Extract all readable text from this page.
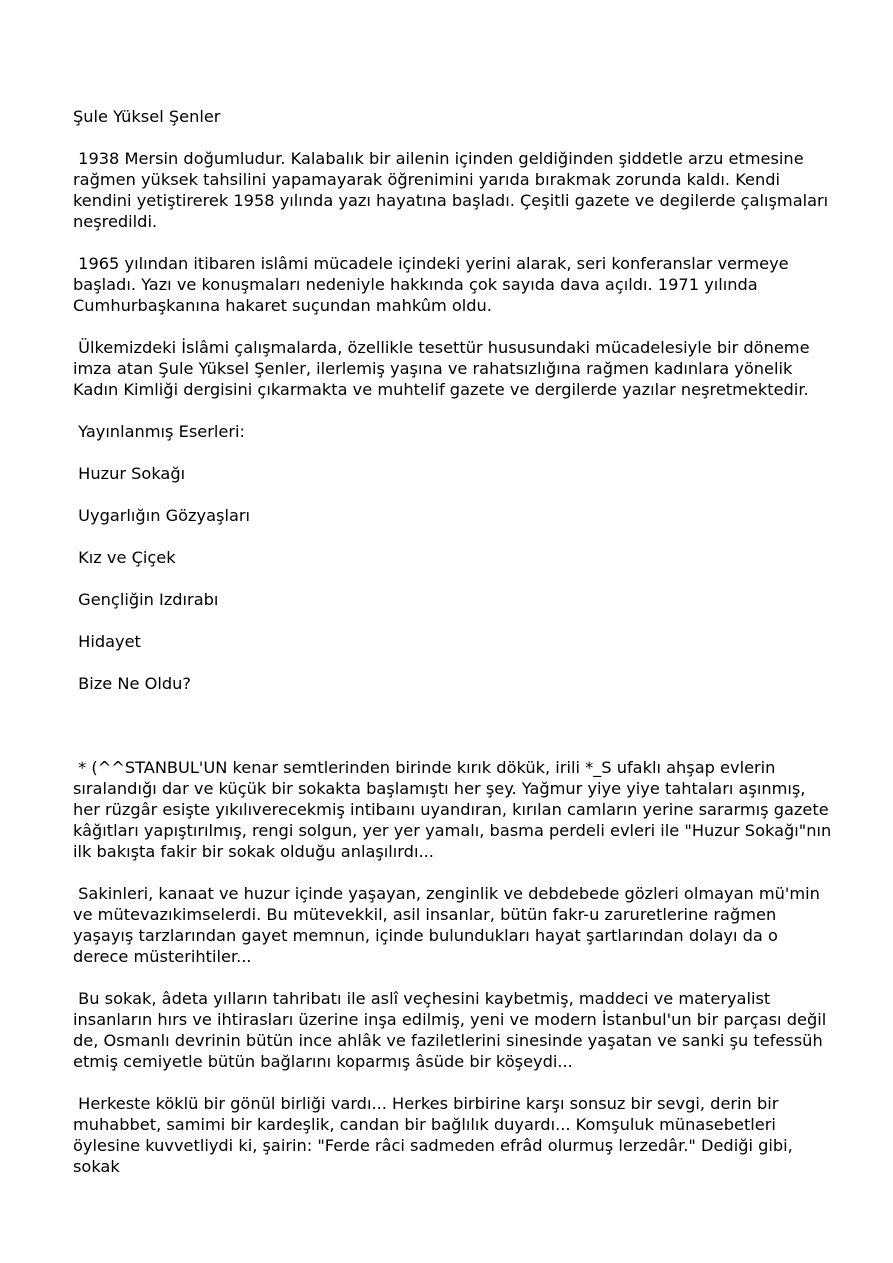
Şule Yüksel Şenler

1938 Mersin doğumludur. Kalabalık bir ailenin içinden geldiğinden şiddetle arzu etmesine rağmen yüksek tahsilini yapamayarak öğrenimini yarıda bırakmak zorunda kaldı. Kendi kendini yetiştirerek 1958 yılında yazı hayatına başladı. Çeşitli gazete ve degilerde çalışmaları neşredildi.

1965 yılından itibaren islâmi mücadele içindeki yerini alarak, seri konferanslar vermeye başladı. Yazı ve konuşmaları nedeniyle hakkında çok sayıda dava açıldı. 1971 yılında Cumhurbaşkanına hakaret suçundan mahkûm oldu.

Ülkemizdeki İslâmi çalışmalarda, özellikle tesettür hususundaki mücadelesiyle bir döneme imza atan Şule Yüksel Şenler, ilerlemiş yaşına ve rahatsızlığına rağmen kadınlara yönelik Kadın Kimliği dergisini çıkarmakta ve muhtelif gazete ve dergilerde yazılar neşretmektedir.

Yayınlanmış Eserleri:

Huzur Sokağı
Uygarlığın Gözyaşları
Kız ve Çiçek
Gençliğin Izdırabı
Hidayet
Bize Ne Oldu?

* (^^STANBUL'UN kenar semtlerinden birinde kırık dökük, irili *_S ufaklı ahşap evlerin sıralandığı dar ve küçük bir sokakta başlamıştı her şey. Yağmur yiye yiye tahtaları aşınmış, her rüzgâr esişte yıkılıverecekmiş intibaını uyandıran, kırılan camların yerine sararmış gazete kâğıtları yapıştırılmış, rengi solgun, yer yer yamalı, basma perdeli evleri ile "Huzur Sokağı"nın ilk bakışta fakir bir sokak olduğu anlaşılırdı...

Sakinleri, kanaat ve huzur içinde yaşayan, zenginlik ve debdebede gözleri olmayan mü'min ve mütevazıkimselerdi. Bu mütevekkil, asil insanlar, bütün fakr-u zaruretlerine rağmen yaşayış tarzlarından gayet memnun, içinde bulundukları hayat şartlarından dolayı da o derece müsterihtiler...

Bu sokak, âdeta yılların tahribatı ile aslî veçhesini kaybetmiş, maddeci ve materyalist insanların hırs ve ihtirasları üzerine inşa edilmiş, yeni ve modern İstanbul'un bir parçası değil de, Osmanlı devrinin bütün ince ahlâk ve faziletlerini sinesinde yaşatan ve sanki şu tefessüh etmiş cemiyetle bütün bağlarını koparmış âsüde bir köşeydi...

Herkeste köklü bir gönül birliği vardı... Herkes birbirine karşı sonsuz bir sevgi, derin bir muhabbet, samimi bir kardeşlik, candan bir bağlılık duyardı... Komşuluk münasebetleri öylesine kuvvetliydi ki, şairin: "Ferde râci sadmeden efrâd olurmuş lerzedâr." Dediği gibi, sokak
